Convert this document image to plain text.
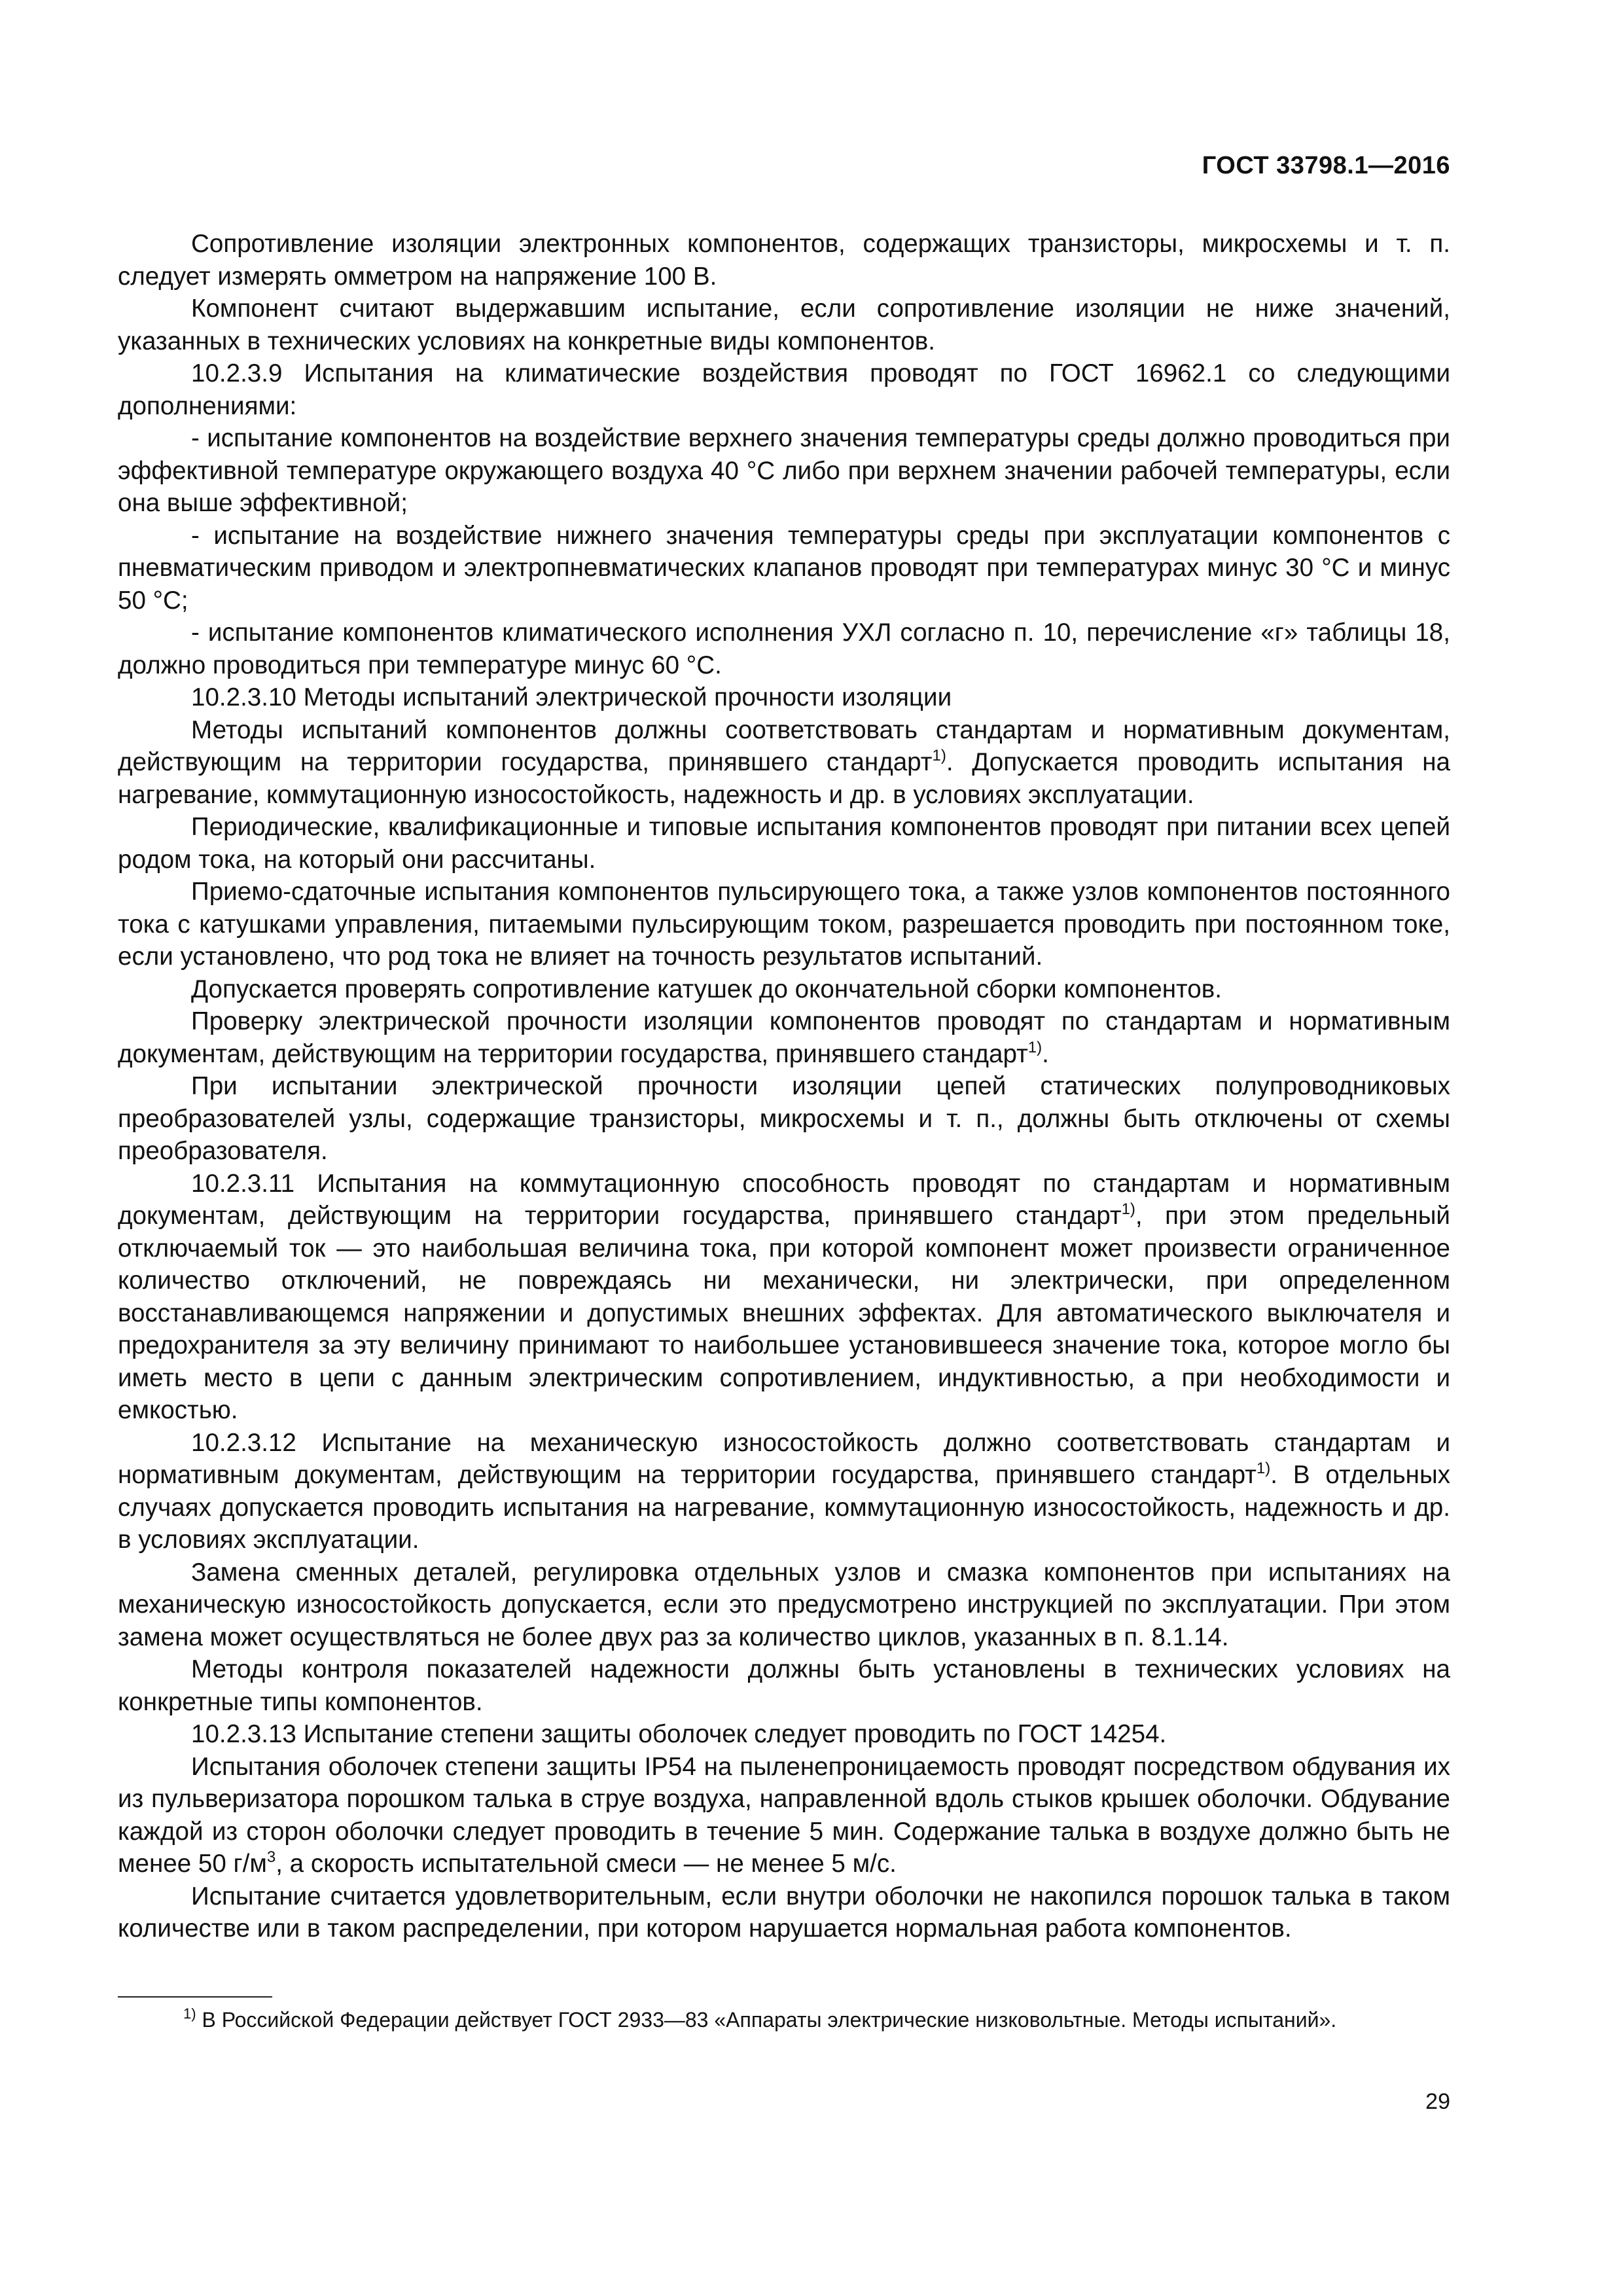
ГОСТ 33798.1—2016

Сопротивление изоляции электронных компонентов, содержащих транзисторы, микросхемы и т. п. следует измерять омметром на напряжение 100 В.

Компонент считают выдержавшим испытание, если сопротивление изоляции не ниже значений, указанных в технических условиях на конкретные виды компонентов.

10.2.3.9 Испытания на климатические воздействия проводят по ГОСТ 16962.1 со следующими дополнениями:

- испытание компонентов на воздействие верхнего значения температуры среды должно проводиться при эффективной температуре окружающего воздуха 40 °С либо при верхнем значении рабочей температуры, если она выше эффективной;

- испытание на воздействие нижнего значения температуры среды при эксплуатации компонентов с пневматическим приводом и электропневматических клапанов проводят при температурах минус 30 °С и минус 50 °С;

- испытание компонентов климатического исполнения УХЛ согласно п. 10, перечисление «г» таблицы 18, должно проводиться при температуре минус 60 °С.

10.2.3.10 Методы испытаний электрической прочности изоляции

Методы испытаний компонентов должны соответствовать стандартам и нормативным документам, действующим на территории государства, принявшего стандарт$^{1)}$. Допускается проводить испытания на нагревание, коммутационную износостойкость, надежность и др. в условиях эксплуатации.

Периодические, квалификационные и типовые испытания компонентов проводят при питании всех цепей родом тока, на который они рассчитаны.

Приемо-сдаточные испытания компонентов пульсирующего тока, а также узлов компонентов постоянного тока с катушками управления, питаемыми пульсирующим током, разрешается проводить при постоянном токе, если установлено, что род тока не влияет на точность результатов испытаний.

Допускается проверять сопротивление катушек до окончательной сборки компонентов.

Проверку электрической прочности изоляции компонентов проводят по стандартам и нормативным документам, действующим на территории государства, принявшего стандарт$^{1)}$.

При испытании электрической прочности изоляции цепей статических полупроводниковых преобразователей узлы, содержащие транзисторы, микросхемы и т. п., должны быть отключены от схемы преобразователя.

10.2.3.11 Испытания на коммутационную способность проводят по стандартам и нормативным документам, действующим на территории государства, принявшего стандарт$^{1)}$, при этом предельный отключаемый ток — это наибольшая величина тока, при которой компонент может произвести ограниченное количество отключений, не повреждаясь ни механически, ни электрически, при определенном восстанавливающемся напряжении и допустимых внешних эффектах. Для автоматического выключателя и предохранителя за эту величину принимают то наибольшее установившееся значение тока, которое могло бы иметь место в цепи с данным электрическим сопротивлением, индуктивностью, а при необходимости и емкостью.

10.2.3.12 Испытание на механическую износостойкость должно соответствовать стандартам и нормативным документам, действующим на территории государства, принявшего стандарт$^{1)}$. В отдельных случаях допускается проводить испытания на нагревание, коммутационную износостойкость, надежность и др. в условиях эксплуатации.

Замена сменных деталей, регулировка отдельных узлов и смазка компонентов при испытаниях на механическую износостойкость допускается, если это предусмотрено инструкцией по эксплуатации. При этом замена может осуществляться не более двух раз за количество циклов, указанных в п. 8.1.14.

Методы контроля показателей надежности должны быть установлены в технических условиях на конкретные типы компонентов.

10.2.3.13 Испытание степени защиты оболочек следует проводить по ГОСТ 14254.

Испытания оболочек степени защиты IP54 на пыленепроницаемость проводят посредством обдувания их из пульверизатора порошком талька в струе воздуха, направленной вдоль стыков крышек оболочки. Обдувание каждой из сторон оболочки следует проводить в течение 5 мин. Содержание талька в воздухе должно быть не менее 50 $г/м^3$, а скорость испытательной смеси — не менее 5 м/с.

Испытание считается удовлетворительным, если внутри оболочки не накопился порошок талька в таком количестве или в таком распределении, при котором нарушается нормальная работа компонентов.

$^{1)}$ В Российской Федерации действует ГОСТ 2933—83 «Аппараты электрические низковольтные. Методы испытаний».
29
